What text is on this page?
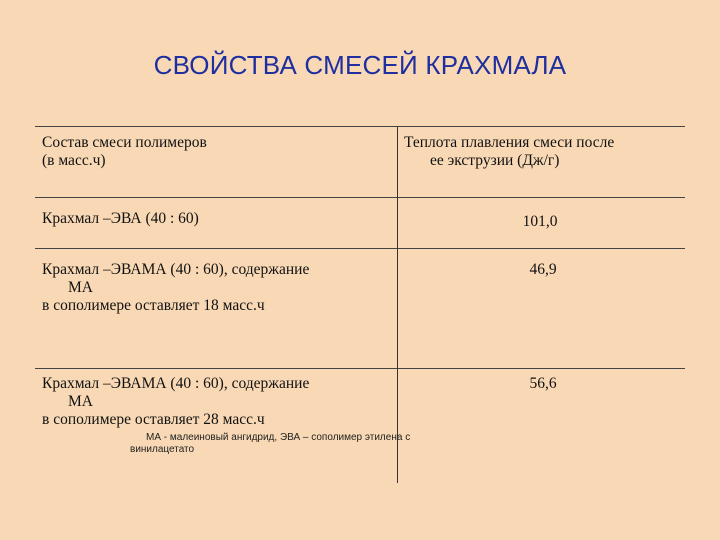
СВОЙСТВА СМЕСЕЙ КРАХМАЛА
Состав смеси полимеров
(в масс.ч)
Теплота плавления смеси после
ее экструзии (Дж/г)
Крахмал –ЭВА (40 : 60)	101,0
Крахмал –ЭВАМА (40 : 60), содержание
МА
в сополимере оставляет 18 масс.ч
46,9
Крахмал –ЭВАМА (40 : 60), содержание
МА
в сополимере оставляет 28 масс.ч
56,6
МА - малеиновый ангидрид, ЭВА – сополимер этилена с
винилацетато
